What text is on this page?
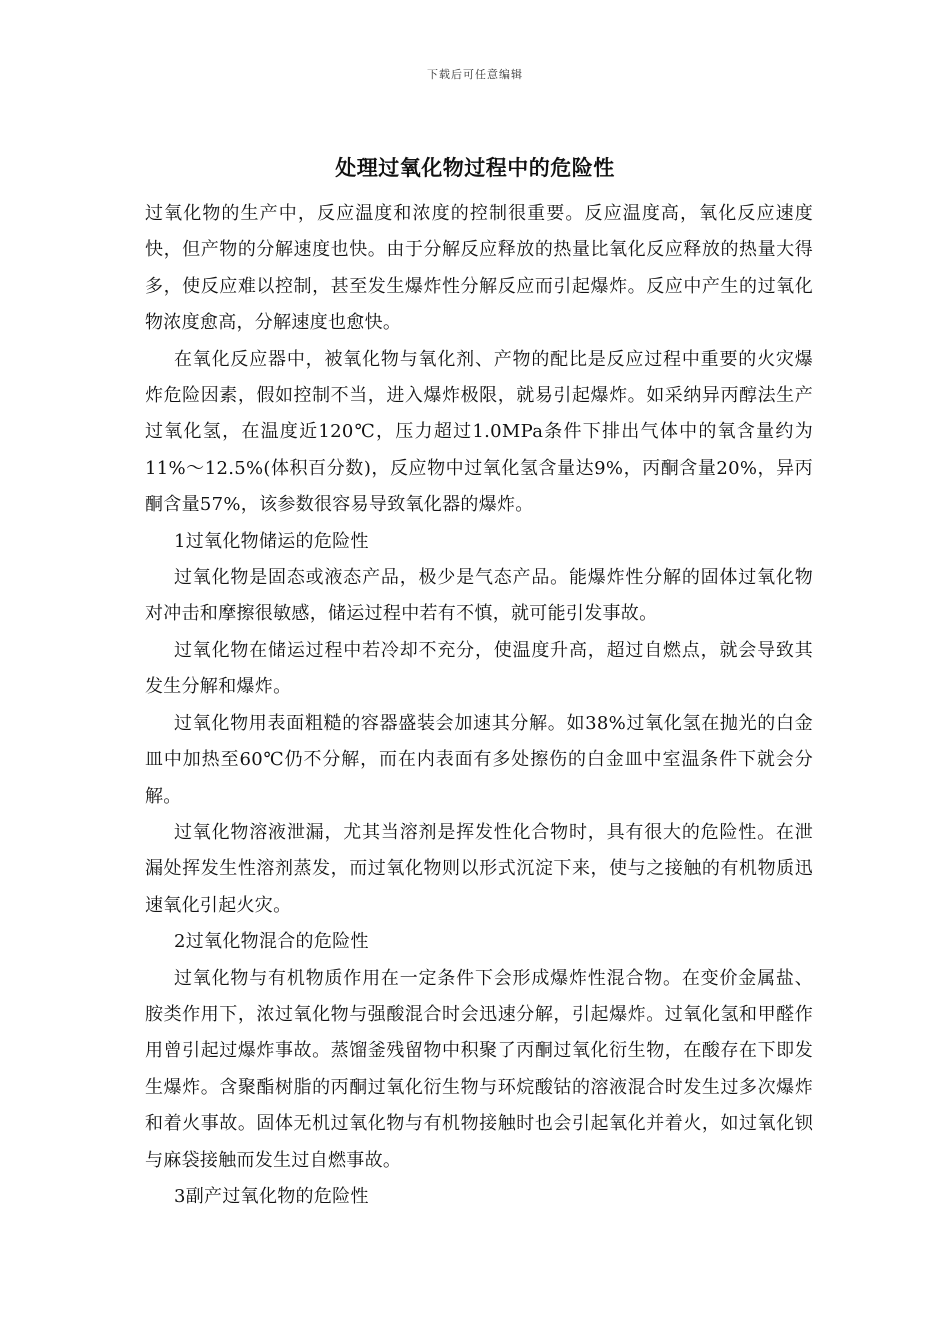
下载后可任意编辑
处理过氧化物过程中的危险性

过氧化物的生产中，反应温度和浓度的控制很重要。反应温度高，氧化反应速度快，但产物的分解速度也快。由于分解反应释放的热量比氧化反应释放的热量大得多，使反应难以控制，甚至发生爆炸性分解反应而引起爆炸。反应中产生的过氧化物浓度愈高，分解速度也愈快。

在氧化反应器中，被氧化物与氧化剂、产物的配比是反应过程中重要的火灾爆炸危险因素，假如控制不当，进入爆炸极限，就易引起爆炸。如采纳异丙醇法生产过氧化氢，在温度近120℃，压力超过1.0MPa条件下排出气体中的氧含量约为11%～12.5%(体积百分数)，反应物中过氧化氢含量达9%，丙酮含量20%，异丙酮含量57%，该参数很容易导致氧化器的爆炸。

1过氧化物储运的危险性

过氧化物是固态或液态产品，极少是气态产品。能爆炸性分解的固体过氧化物对冲击和摩擦很敏感，储运过程中若有不慎，就可能引发事故。

过氧化物在储运过程中若冷却不充分，使温度升高，超过自燃点，就会导致其发生分解和爆炸。

过氧化物用表面粗糙的容器盛装会加速其分解。如38%过氧化氢在抛光的白金皿中加热至60℃仍不分解，而在内表面有多处擦伤的白金皿中室温条件下就会分解。

过氧化物溶液泄漏，尤其当溶剂是挥发性化合物时，具有很大的危险性。在泄漏处挥发生性溶剂蒸发，而过氧化物则以形式沉淀下来，使与之接触的有机物质迅速氧化引起火灾。

2过氧化物混合的危险性

过氧化物与有机物质作用在一定条件下会形成爆炸性混合物。在变价金属盐、胺类作用下，浓过氧化物与强酸混合时会迅速分解，引起爆炸。过氧化氢和甲醛作用曾引起过爆炸事故。蒸馏釜残留物中积聚了丙酮过氧化衍生物，在酸存在下即发生爆炸。含聚酯树脂的丙酮过氧化衍生物与环烷酸钴的溶液混合时发生过多次爆炸和着火事故。固体无机过氧化物与有机物接触时也会引起氧化并着火，如过氧化钡与麻袋接触而发生过自燃事故。

3副产过氧化物的危险性
